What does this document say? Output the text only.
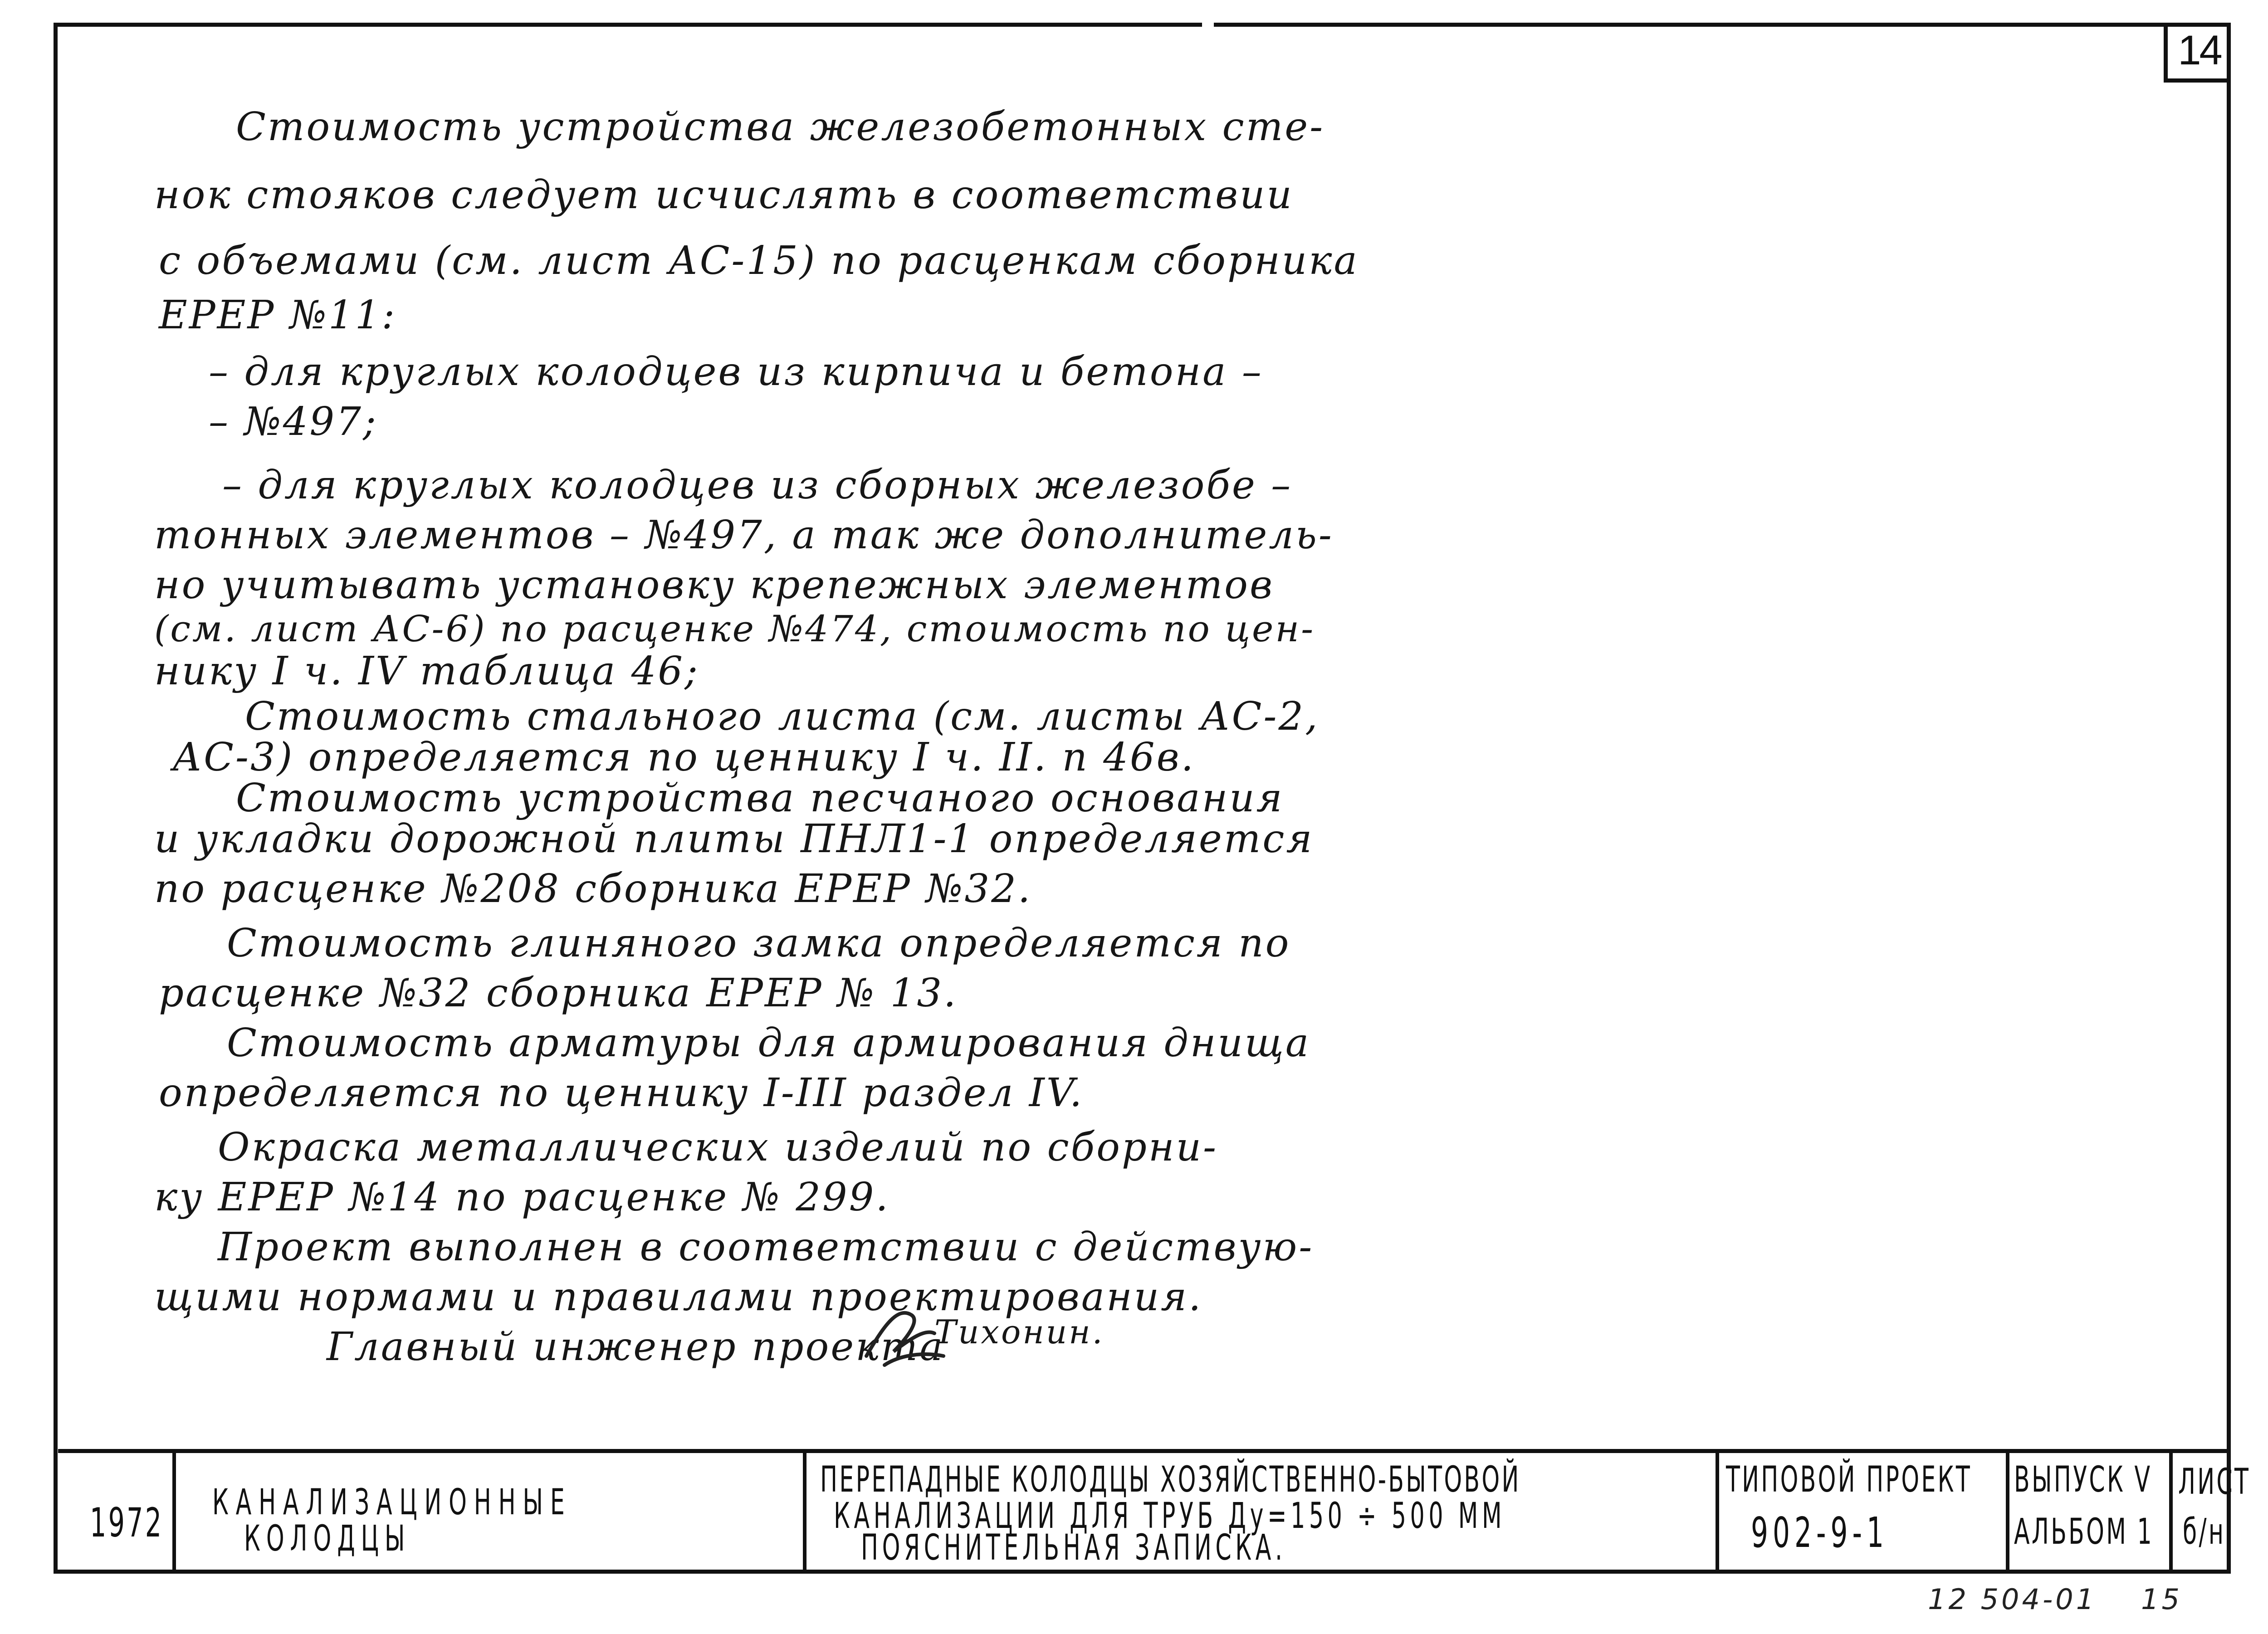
14
Стоимость устройства железобетонных сте-
нок стояков следует исчислять в соответствии
с объемами (см. лист АС-15) по расценкам сборника
ЕРЕР №11:
– для круглых колодцев из кирпича и бетона –
– №497;
– для круглых колодцев из сборных железобе –
тонных элементов – №497, а так же дополнитель-
но учитывать установку крепежных элементов
(см. лист АС-6) по расценке №474, стоимость по цен-
нику I ч. IV таблица 46;
Стоимость стального листа (см. листы АС-2,
АС-3) определяется по ценнику I ч. II. п 46в.
Стоимость устройства песчаного основания
и укладки дорожной плиты ПНЛ1-1 определяется
по расценке №208 сборника ЕРЕР №32.
Стоимость глиняного замка определяется по
расценке №32 сборника ЕРЕР № 13.
Стоимость арматуры для армирования днища
определяется по ценнику I-III раздел IV.
Окраска металлических изделий по сборни-
ку ЕРЕР №14 по расценке № 299.
Проект выполнен в соответствии с действую-
щими нормами и правилами проектирования.
Главный инженер проекта
Тихонин.
1972 КАНАЛИЗАЦИОННЫЕ
КОЛОДЦЫ
ПЕРЕПАДНЫЕ КОЛОДЦЫ ХОЗЯЙСТВЕННО-БЫТОВОЙ
КАНАЛИЗАЦИИ ДЛЯ ТРУБ Ду=150 ÷ 500 ММ
ПОЯСНИТЕЛЬНАЯ ЗАПИСКА.
ТИПОВОЙ ПРОЕКТ
902-9-1
ВЫПУСК V
АЛЬБОМ 1
ЛИСТ
б/н
12 504-01 15
